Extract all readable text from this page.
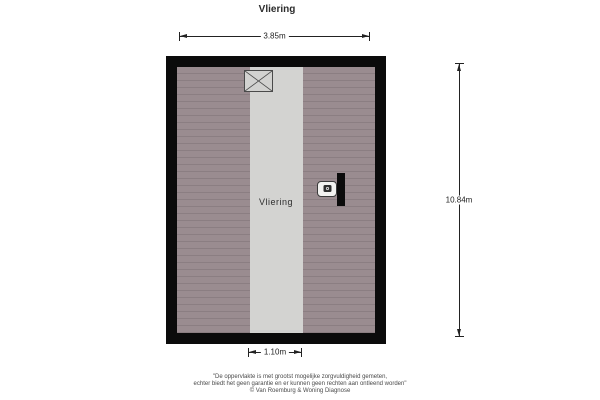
Vliering
3.85m
10.84m
1.10m
Vliering
"De oppervlakte is met grootst mogelijke zorgvuldigheid gemeten,
echter biedt het geen garantie en er kunnen geen rechten aan ontleend worden"
© Van Roemburg & Woning Diagnose
